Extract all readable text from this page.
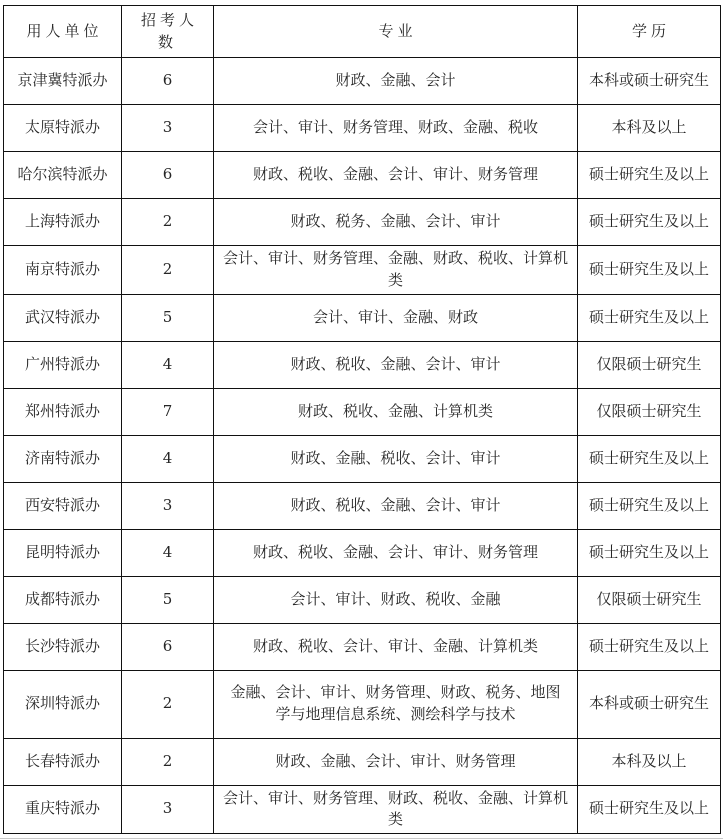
用人单位	招考人数	专业	学历
京津冀特派办	6	财政、金融、会计	本科或硕士研究生
太原特派办	3	会计、审计、财务管理、财政、金融、税收	本科及以上
哈尔滨特派办	6	财政、税收、金融、会计、审计、财务管理	硕士研究生及以上
上海特派办	2	财政、税务、金融、会计、审计	硕士研究生及以上
南京特派办	2	会计、审计、财务管理、金融、财政、税收、计算机类	硕士研究生及以上
武汉特派办	5	会计、审计、金融、财政	硕士研究生及以上
广州特派办	4	财政、税收、金融、会计、审计	仅限硕士研究生
郑州特派办	7	财政、税收、金融、计算机类	仅限硕士研究生
济南特派办	4	财政、金融、税收、会计、审计	硕士研究生及以上
西安特派办	3	财政、税收、金融、会计、审计	硕士研究生及以上
昆明特派办	4	财政、税收、金融、会计、审计、财务管理	硕士研究生及以上
成都特派办	5	会计、审计、财政、税收、金融	仅限硕士研究生
长沙特派办	6	财政、税收、会计、审计、金融、计算机类	硕士研究生及以上
深圳特派办	2	金融、会计、审计、财务管理、财政、税务、地图学与地理信息系统、测绘科学与技术	本科或硕士研究生
长春特派办	2	财政、金融、会计、审计、财务管理	本科及以上
重庆特派办	3	会计、审计、财务管理、财政、税收、金融、计算机类	硕士研究生及以上
